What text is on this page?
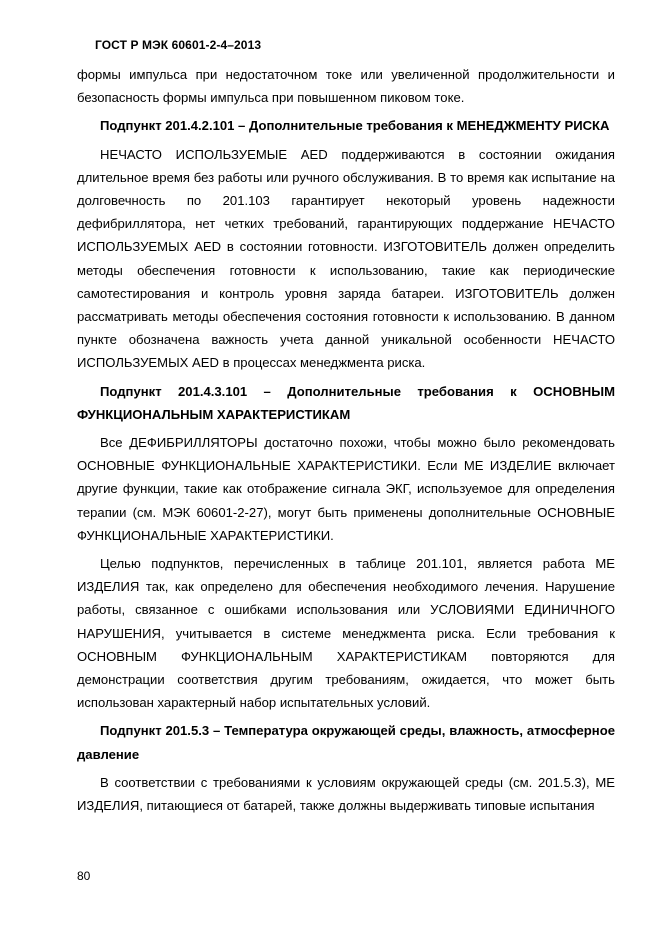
ГОСТ Р МЭК 60601-2-4–2013

формы импульса при недостаточном токе или увеличенной продолжительности и безопасность формы импульса при повышенном пиковом токе.

Подпункт 201.4.2.101 – Дополнительные требования к МЕНЕДЖМЕНТУ РИСКА

НЕЧАСТО ИСПОЛЬЗУЕМЫЕ AED поддерживаются в состоянии ожидания длительное время без работы или ручного обслуживания. В то время как испытание на долговечность по 201.103 гарантирует некоторый уровень надежности дефибриллятора, нет четких требований, гарантирующих поддержание НЕЧАСТО ИСПОЛЬЗУЕМЫХ AED в состоянии готовности. ИЗГОТОВИТЕЛЬ должен определить методы обеспечения готовности к использованию, такие как периодические самотестирования и контроль уровня заряда батареи. ИЗГОТОВИТЕЛЬ должен рассматривать методы обеспечения состояния готовности к использованию. В данном пункте обозначена важность учета данной уникальной особенности НЕЧАСТО ИСПОЛЬЗУЕМЫХ AED в процессах менеджмента риска.

Подпункт 201.4.3.101 – Дополнительные требования к ОСНОВНЫМ ФУНКЦИОНАЛЬНЫМ ХАРАКТЕРИСТИКАМ

Все ДЕФИБРИЛЛЯТОРЫ достаточно похожи, чтобы можно было рекомендовать ОСНОВНЫЕ ФУНКЦИОНАЛЬНЫЕ ХАРАКТЕРИСТИКИ. Если МЕ ИЗДЕЛИЕ включает другие функции, такие как отображение сигнала ЭКГ, используемое для определения терапии (см. МЭК 60601-2-27), могут быть применены дополнительные ОСНОВНЫЕ ФУНКЦИОНАЛЬНЫЕ ХАРАКТЕРИСТИКИ.

Целью подпунктов, перечисленных в таблице 201.101, является работа МЕ ИЗДЕЛИЯ так, как определено для обеспечения необходимого лечения. Нарушение работы, связанное с ошибками использования или УСЛОВИЯМИ ЕДИНИЧНОГО НАРУШЕНИЯ, учитывается в системе менеджмента риска. Если требования к ОСНОВНЫМ ФУНКЦИОНАЛЬНЫМ ХАРАКТЕРИСТИКАМ повторяются для демонстрации соответствия другим требованиям, ожидается, что может быть использован характерный набор испытательных условий.

Подпункт 201.5.3 – Температура окружающей среды, влажность, атмосферное давление

В соответствии с требованиями к условиям окружающей среды (см. 201.5.3), МЕ ИЗДЕЛИЯ, питающиеся от батарей, также должны выдерживать типовые испытания

80
